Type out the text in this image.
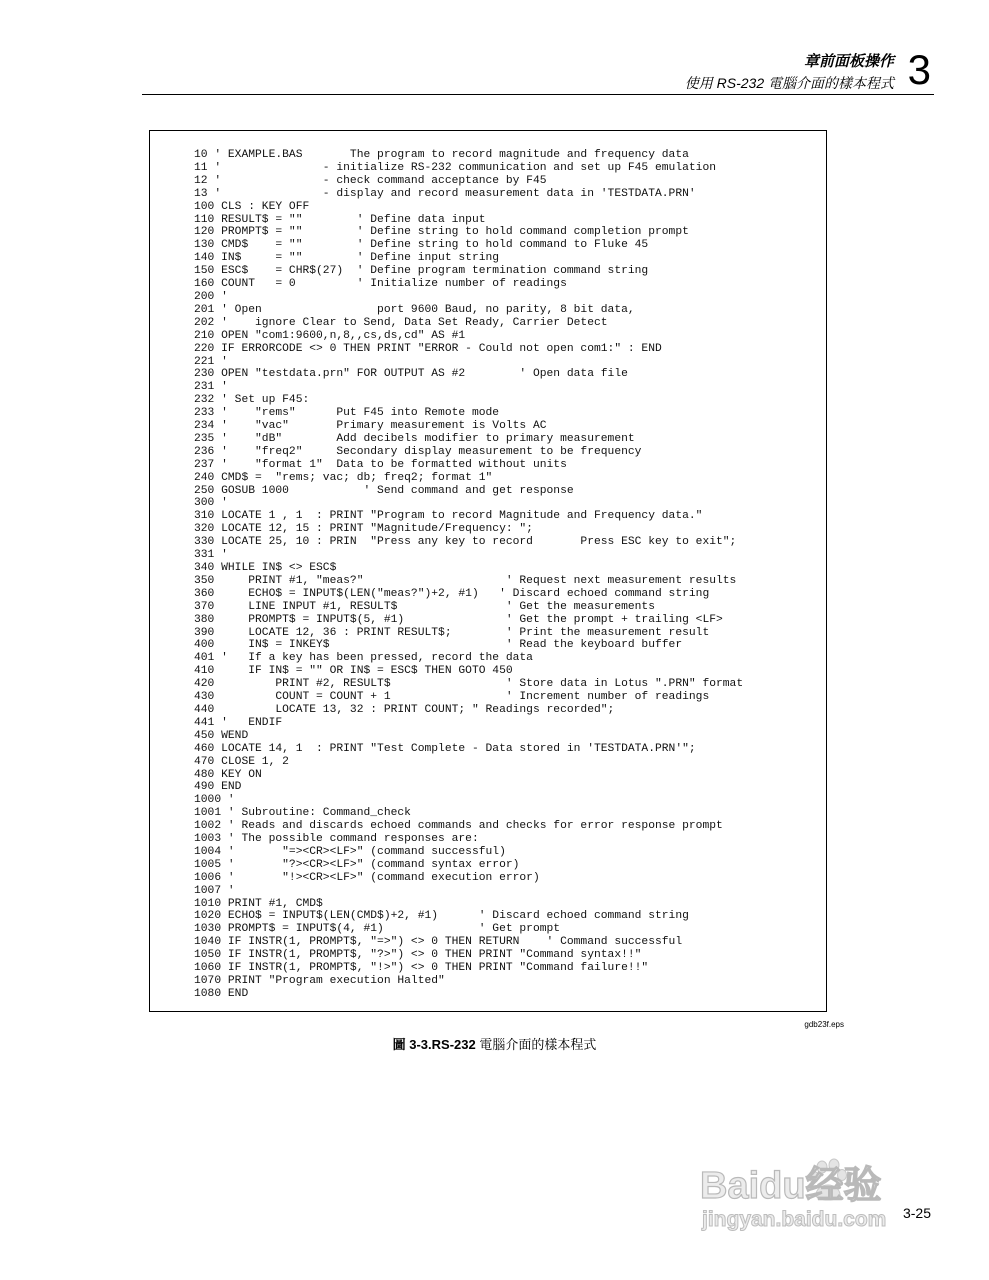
章前面板操作
使用 RS-232 電腦介面的樣本程式 3
10 ' EXAMPLE.BAS       The program to record magnitude and frequency data
11 '               - initialize RS-232 communication and set up F45 emulation
12 '               - check command acceptance by F45
13 '               - display and record measurement data in 'TESTDATA.PRN'
100 CLS : KEY OFF
110 RESULT$ = ""        ' Define data input
120 PROMPT$ = ""        ' Define string to hold command completion prompt
130 CMD$    = ""        ' Define string to hold command to Fluke 45
140 IN$     = ""        ' Define input string
150 ESC$    = CHR$(27)  ' Define program termination command string
160 COUNT   = 0         ' Initialize number of readings
200 '
201 ' Open                 port 9600 Baud, no parity, 8 bit data,
202 '    ignore Clear to Send, Data Set Ready, Carrier Detect
210 OPEN "com1:9600,n,8,,cs,ds,cd" AS #1
220 IF ERRORCODE <> 0 THEN PRINT "ERROR - Could not open com1:" : END
221 '
230 OPEN "testdata.prn" FOR OUTPUT AS #2        ' Open data file
231 '
232 ' Set up F45:
233 '    "rems"      Put F45 into Remote mode
234 '    "vac"       Primary measurement is Volts AC
235 '    "dB"        Add decibels modifier to primary measurement
236 '    "freq2"     Secondary display measurement to be frequency
237 '    "format 1"  Data to be formatted without units
240 CMD$ =  "rems; vac; db; freq2; format 1"
250 GOSUB 1000           ' Send command and get response
300 '
310 LOCATE 1 , 1  : PRINT "Program to record Magnitude and Frequency data."
320 LOCATE 12, 15 : PRINT "Magnitude/Frequency: ";
330 LOCATE 25, 10 : PRIN  "Press any key to record       Press ESC key to exit";
331 '
340 WHILE IN$ <> ESC$
350     PRINT #1, "meas?"                     ' Request next measurement results
360     ECHO$ = INPUT$(LEN("meas?")+2, #1)   ' Discard echoed command string
370     LINE INPUT #1, RESULT$                ' Get the measurements
380     PROMPT$ = INPUT$(5, #1)               ' Get the prompt + trailing <LF>
390     LOCATE 12, 36 : PRINT RESULT$;        ' Print the measurement result
400     IN$ = INKEY$                          ' Read the keyboard buffer
401 '   If a key has been pressed, record the data
410     IF IN$ = "" OR IN$ = ESC$ THEN GOTO 450
420         PRINT #2, RESULT$                 ' Store data in Lotus ".PRN" format
430         COUNT = COUNT + 1                 ' Increment number of readings
440         LOCATE 13, 32 : PRINT COUNT; " Readings recorded";
441 '   ENDIF
450 WEND
460 LOCATE 14, 1  : PRINT "Test Complete - Data stored in 'TESTDATA.PRN'";
470 CLOSE 1, 2
480 KEY ON
490 END
1000 '
1001 ' Subroutine: Command_check
1002 ' Reads and discards echoed commands and checks for error response prompt
1003 ' The possible command responses are:
1004 '       "=><CR><LF>" (command successful)
1005 '       "?><CR><LF>" (command syntax error)
1006 '       "!><CR><LF>" (command execution error)
1007 '
1010 PRINT #1, CMD$
1020 ECHO$ = INPUT$(LEN(CMD$)+2, #1)      ' Discard echoed command string
1030 PROMPT$ = INPUT$(4, #1)              ' Get prompt
1040 IF INSTR(1, PROMPT$, "=>") <> 0 THEN RETURN    ' Command successful
1050 IF INSTR(1, PROMPT$, "?>") <> 0 THEN PRINT "Command syntax!!"
1060 IF INSTR(1, PROMPT$, "!>") <> 0 THEN PRINT "Command failure!!"
1070 PRINT "Program execution Halted"
1080 END
gdb23f.eps
圖 3-3.RS-232 電腦介面的樣本程式
Baidu经验
jingyan.baidu.com 3-25
